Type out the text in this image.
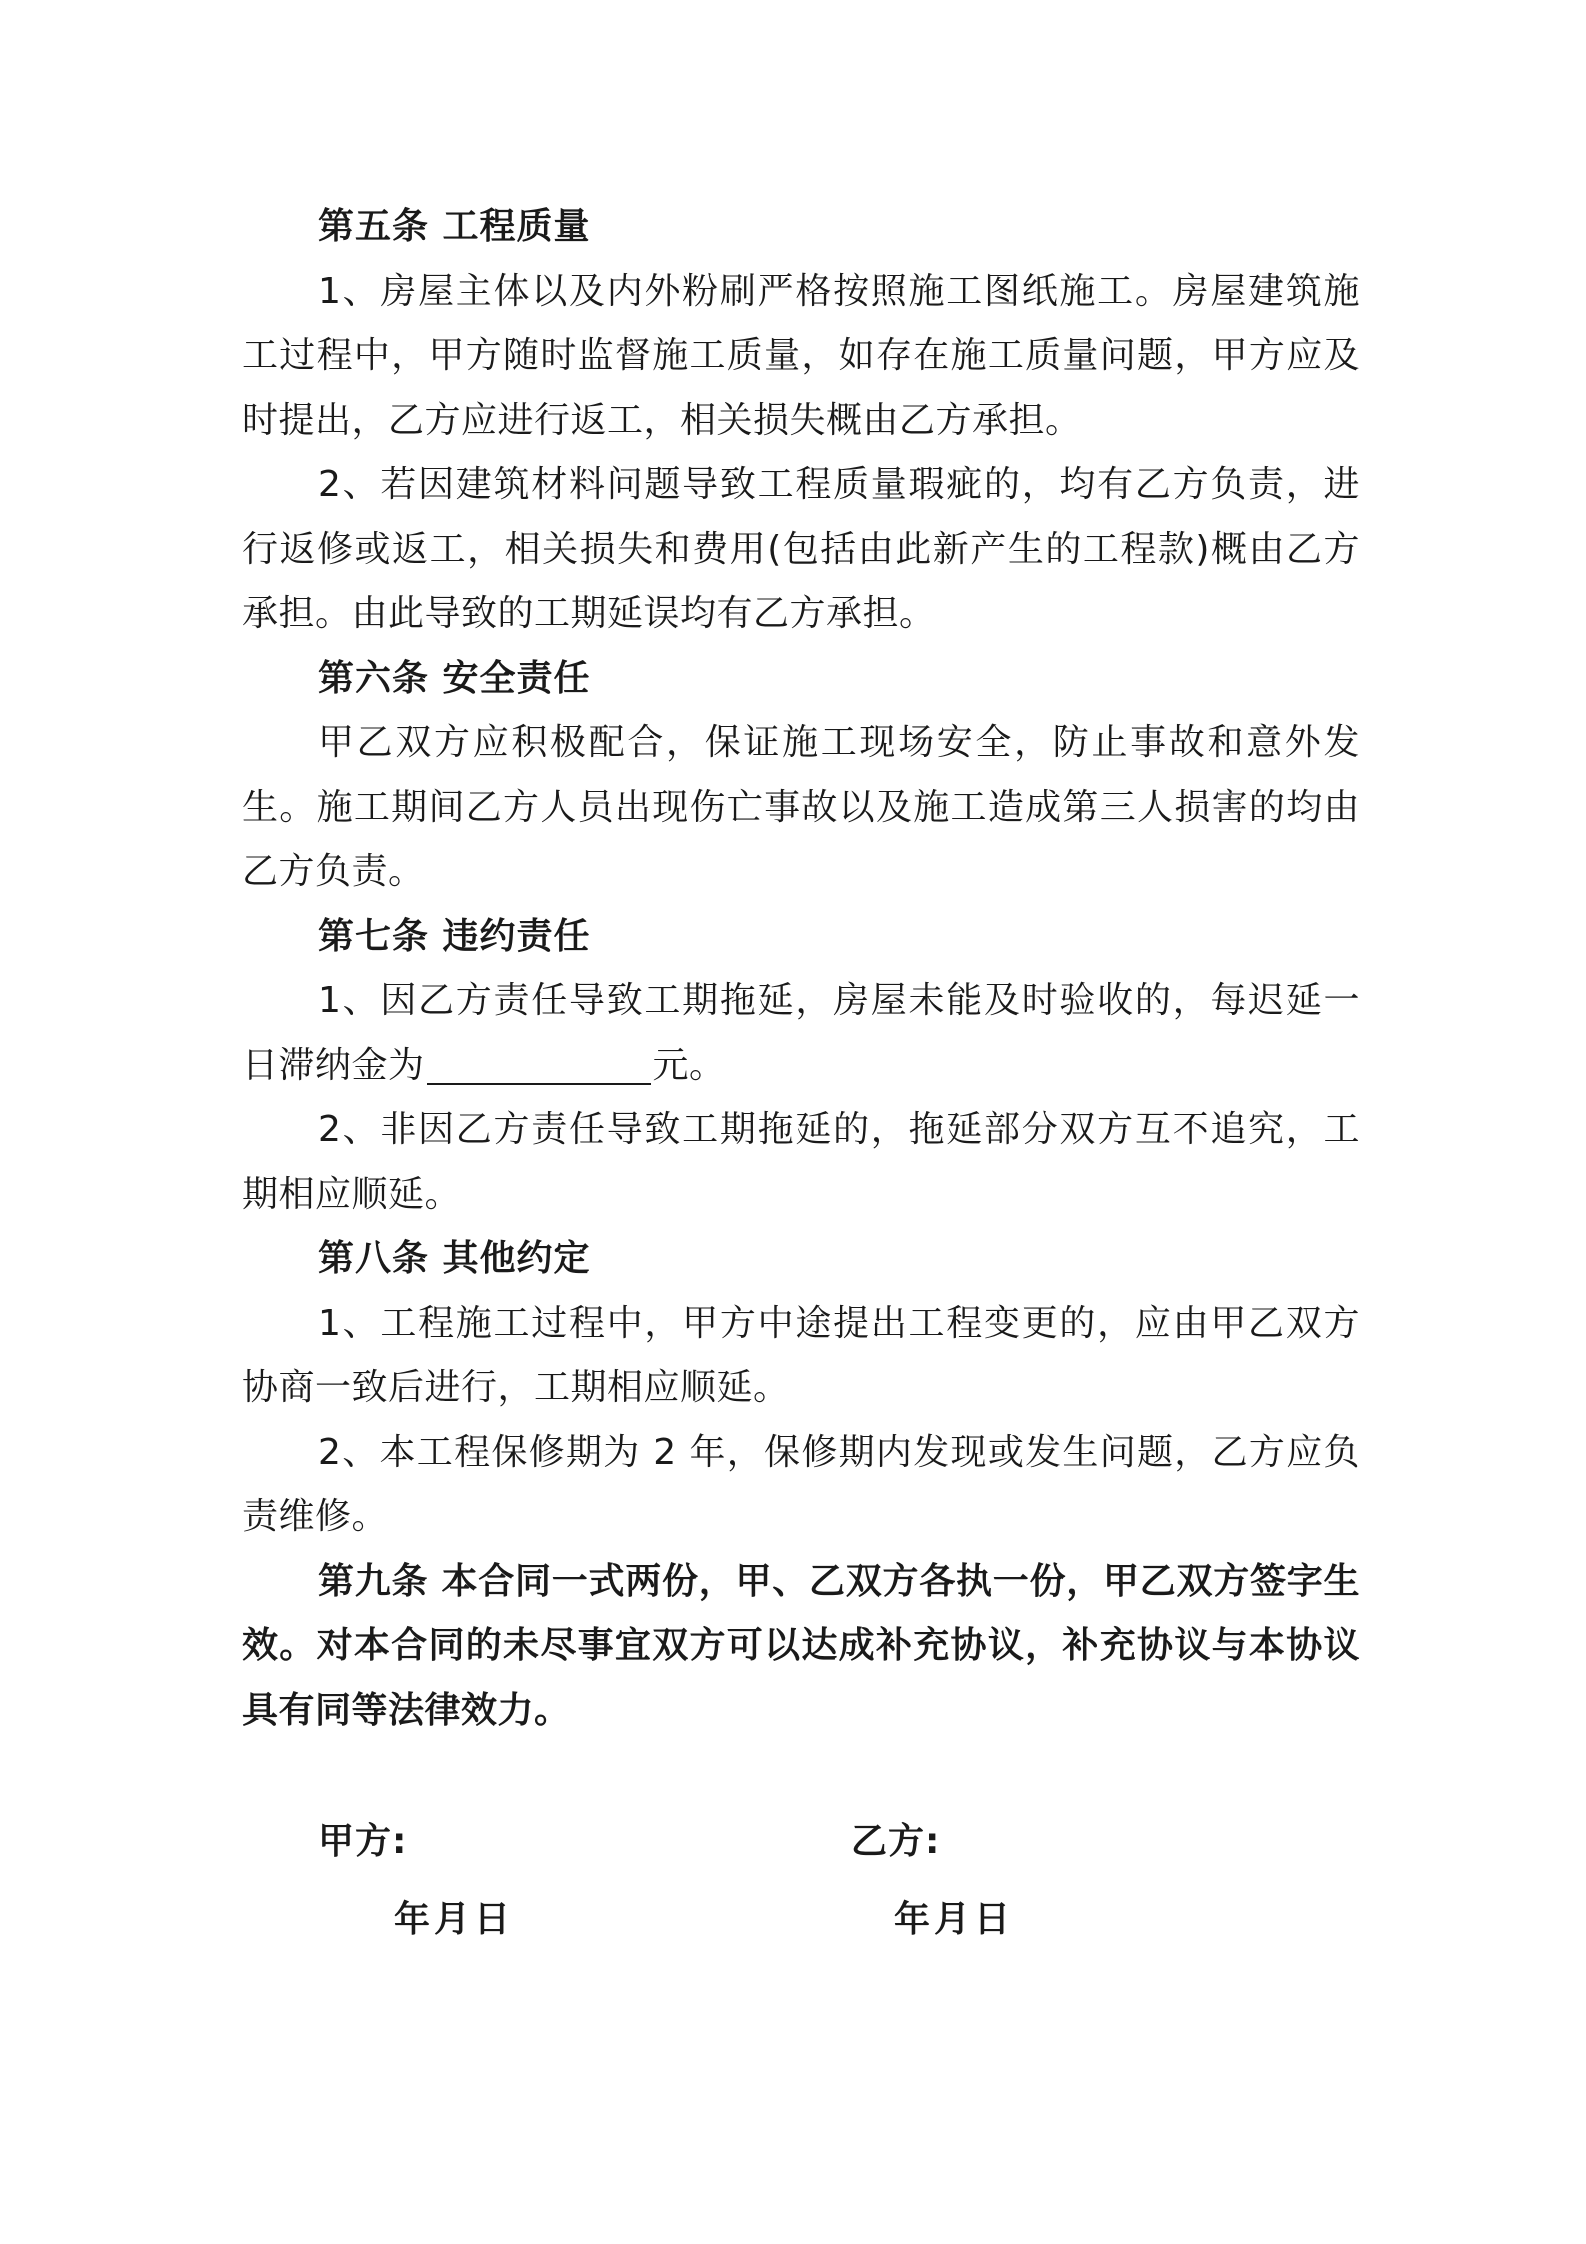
第五条 工程质量

1、房屋主体以及内外粉刷严格按照施工图纸施工。房屋建筑施工过程中，甲方随时监督施工质量，如存在施工质量问题，甲方应及时提出，乙方应进行返工，相关损失概由乙方承担。

2、若因建筑材料问题导致工程质量瑕疵的，均有乙方负责，进行返修或返工，相关损失和费用(包括由此新产生的工程款)概由乙方承担。由此导致的工期延误均有乙方承担。

第六条 安全责任

甲乙双方应积极配合，保证施工现场安全，防止事故和意外发生。施工期间乙方人员出现伤亡事故以及施工造成第三人损害的均由乙方负责。

第七条 违约责任

1、因乙方责任导致工期拖延，房屋未能及时验收的，每迟延一日滞纳金为	元。

2、非因乙方责任导致工期拖延的，拖延部分双方互不追究，工期相应顺延。

第八条 其他约定

1、工程施工过程中，甲方中途提出工程变更的，应由甲乙双方协商一致后进行，工期相应顺延。

2、本工程保修期为 2 年，保修期内发现或发生问题，乙方应负责维修。

第九条 本合同一式两份，甲、乙双方各执一份，甲乙双方签字生效。对本合同的未尽事宜双方可以达成补充协议，补充协议与本协议具有同等法律效力。

甲方:	乙方:
年月日	年月日
